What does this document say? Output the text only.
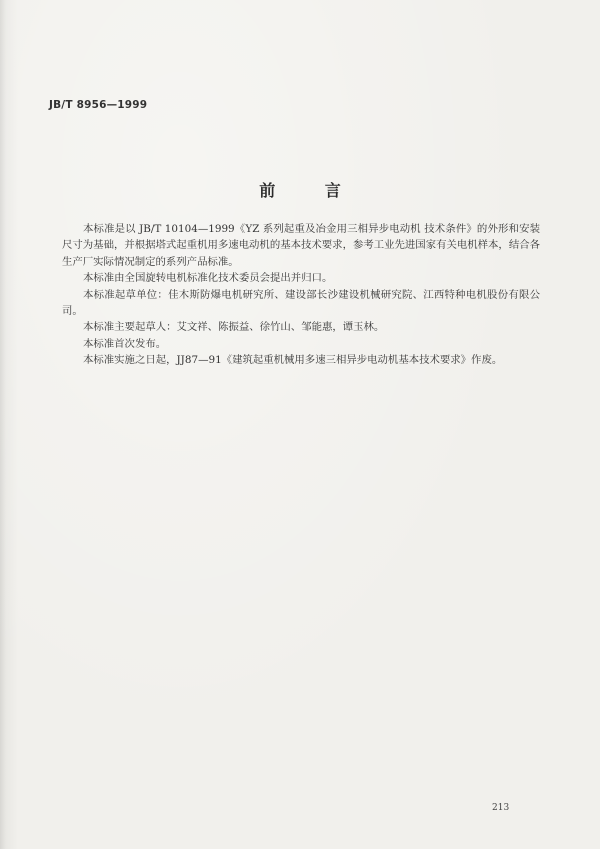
JB/T 8956—1999
前 言

本标准是以 JB/T 10104—1999《YZ 系列起重及冶金用三相异步电动机 技术条件》的外形和安装尺寸为基础，并根据塔式起重机用多速电动机的基本技术要求，参考工业先进国家有关电机样本，结合各生产厂实际情况制定的系列产品标准。

本标准由全国旋转电机标准化技术委员会提出并归口。

本标准起草单位：佳木斯防爆电机研究所、建设部长沙建设机械研究院、江西特种电机股份有限公司。

本标准主要起草人：艾文祥、陈振益、徐竹山、邹能惠，谭玉林。

本标准首次发布。

本标准实施之日起，JJ87—91《建筑起重机械用多速三相异步电动机基本技术要求》作废。

213
